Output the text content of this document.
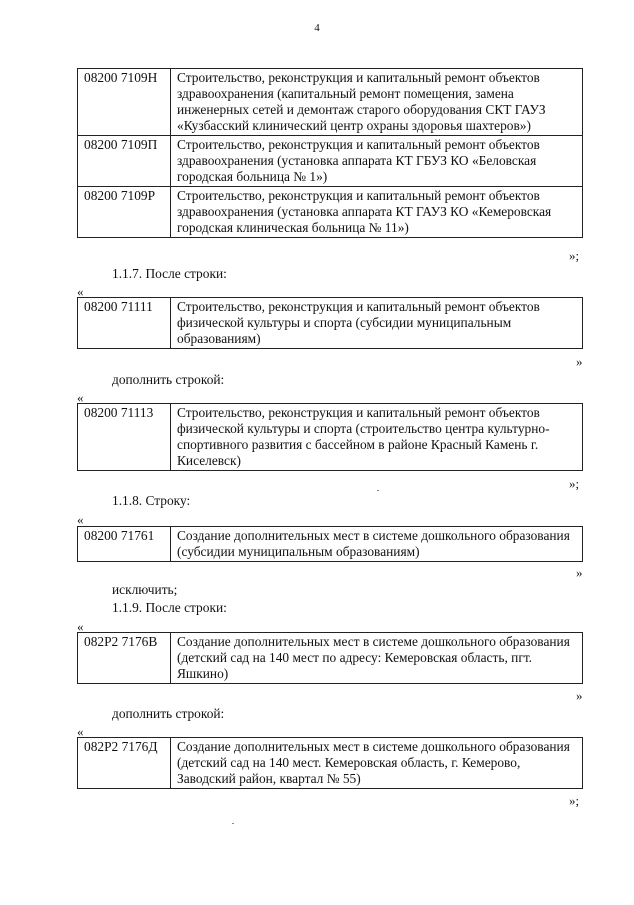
4
08200 7109Н	Строительство, реконструкция и капитальный ремонт объектов здравоохранения (капитальный ремонт помещения, замена инженерных сетей и демонтаж старого оборудования СКТ ГАУЗ «Кузбасский клинический центр охраны здоровья шахтеров»)
08200 7109П	Строительство, реконструкция и капитальный ремонт объектов здравоохранения (установка аппарата КТ ГБУЗ КО «Беловская городская больница № 1»)
08200 7109Р	Строительство, реконструкция и капитальный ремонт объектов здравоохранения (установка аппарата КТ ГАУЗ КО «Кемеровская городская клиническая больница № 11»)
»;
1.1.7. После строки:
«
08200 71111	Строительство, реконструкция и капитальный ремонт объектов физической культуры и спорта (субсидии муниципальным образованиям)
»
дополнить строкой:
«
08200 71113	Строительство, реконструкция и капитальный ремонт объектов физической культуры и спорта (строительство центра культурно-спортивного развития с бассейном в районе Красный Камень г. Киселевск)
»;
1.1.8. Строку:
«
08200 71761	Создание дополнительных мест в системе дошкольного образования (субсидии муниципальным образованиям)
»
исключить;
1.1.9. После строки:
«
082P2 7176В	Создание дополнительных мест в системе дошкольного образования (детский сад на 140 мест по адресу: Кемеровская область, пгт. Яшкино)
»
дополнить строкой:
«
082P2 7176Д	Создание дополнительных мест в системе дошкольного образования (детский сад на 140 мест. Кемеровская область, г. Кемерово, Заводский район, квартал № 55)
»;
